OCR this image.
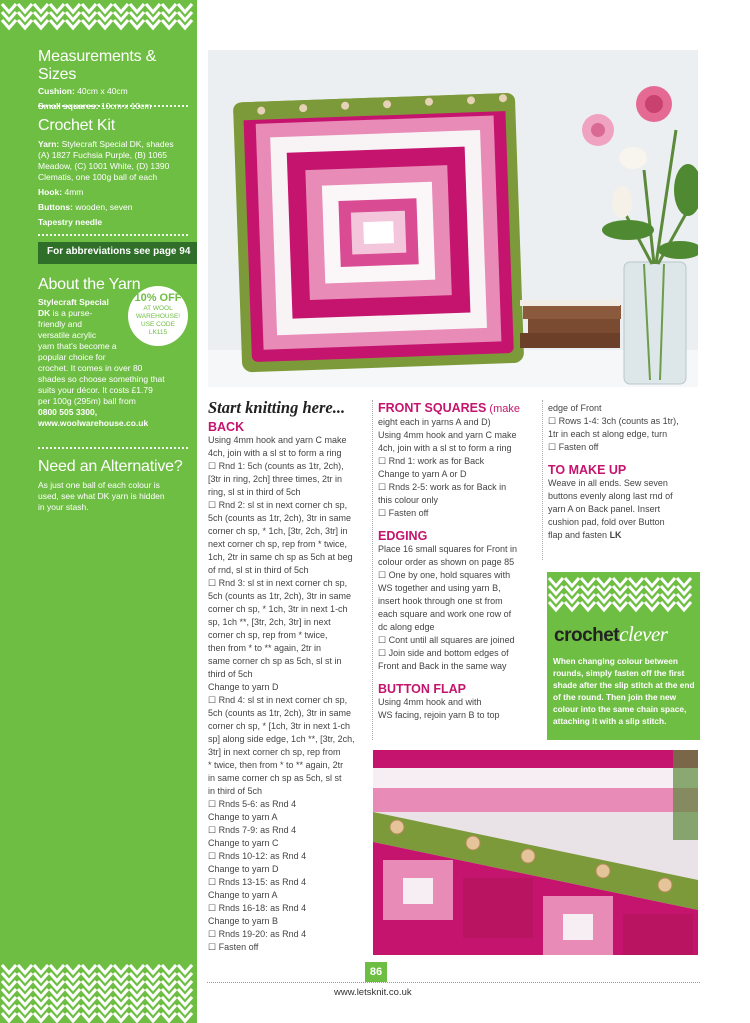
Measurements & Sizes

Cushion: 40cm x 40cm

Small squares: 10cm x 10cm

Crochet Kit

Yarn: Stylecraft Special DK, shades

(A) 1827 Fuchsia Purple, (B) 1065

Meadow, (C) 1001 White, (D) 1390

Clematis, one 100g ball of each

Hook: 4mm

Buttons: wooden, seven

Tapestry needle

For abbreviations see page 94
About the Yarn

Stylecraft Special

DK is a purse-

friendly and

versatile acrylic

yarn that's become a

popular choice for

crochet. It comes in over 80

shades so choose something that

suits your décor. It costs £1.79

per 100g (295m) ball from

0800 505 3300,

www.woolwarehouse.co.uk

10% OFF
AT WOOL
WAREHOUSE!
USE CODE
LK115
Need an Alternative?

As just one ball of each colour is

used, see what DK yarn is hidden

in your stash.

Start knitting here...

BACK

Using 4mm hook and yarn C make

4ch, join with a sl st to form a ring

☐ Rnd 1: 5ch (counts as 1tr, 2ch),

[3tr in ring, 2ch] three times, 2tr in

ring, sl st in third of 5ch

☐ Rnd 2: sl st in next corner ch sp,

5ch (counts as 1tr, 2ch), 3tr in same

corner ch sp, * 1ch, [3tr, 2ch, 3tr] in

next corner ch sp, rep from * twice,

1ch, 2tr in same ch sp as 5ch at beg

of rnd, sl st in third of 5ch

☐ Rnd 3: sl st in next corner ch sp,

5ch (counts as 1tr, 2ch), 3tr in same

corner ch sp, * 1ch, 3tr in next 1-ch

sp, 1ch **, [3tr, 2ch, 3tr] in next

corner ch sp, rep from * twice,

then from * to ** again, 2tr in

same corner ch sp as 5ch, sl st in

third of 5ch

Change to yarn D

☐ Rnd 4: sl st in next corner ch sp,

5ch (counts as 1tr, 2ch), 3tr in same

corner ch sp, * [1ch, 3tr in next 1-ch

sp] along side edge, 1ch **, [3tr, 2ch,

3tr] in next corner ch sp, rep from

* twice, then from * to ** again, 2tr

in same corner ch sp as 5ch, sl st

in third of 5ch

☐ Rnds 5-6: as Rnd 4

Change to yarn A

☐ Rnds 7-9: as Rnd 4

Change to yarn C

☐ Rnds 10-12: as Rnd 4

Change to yarn D

☐ Rnds 13-15: as Rnd 4

Change to yarn A

☐ Rnds 16-18: as Rnd 4

Change to yarn B

☐ Rnds 19-20: as Rnd 4

☐ Fasten off

FRONT SQUARES (make

eight each in yarns A and D)

Using 4mm hook and yarn C make

4ch, join with a sl st to form a ring

☐ Rnd 1: work as for Back

Change to yarn A or D

☐ Rnds 2-5: work as for Back in

this colour only

☐ Fasten off

EDGING

Place 16 small squares for Front in

colour order as shown on page 85

☐ One by one, hold squares with

WS together and using yarn B,

insert hook through one st from

each square and work one row of

dc along edge

☐ Cont until all squares are joined

☐ Join side and bottom edges of

Front and Back in the same way

BUTTON FLAP

Using 4mm hook and with

WS facing, rejoin yarn B to top

edge of Front

☐ Rows 1-4: 3ch (counts as 1tr),

1tr in each st along edge, turn

☐ Fasten off

TO MAKE UP

Weave in all ends. Sew seven

buttons evenly along last rnd of

yarn A on Back panel. Insert

cushion pad, fold over Button

flap and fasten LK

crochetclever
When changing colour between
rounds, simply fasten off the first
shade after the slip stitch at the end
of the round. Then join the new
colour into the same chain space,
attaching it with a slip stitch.
86
www.letsknit.co.uk
